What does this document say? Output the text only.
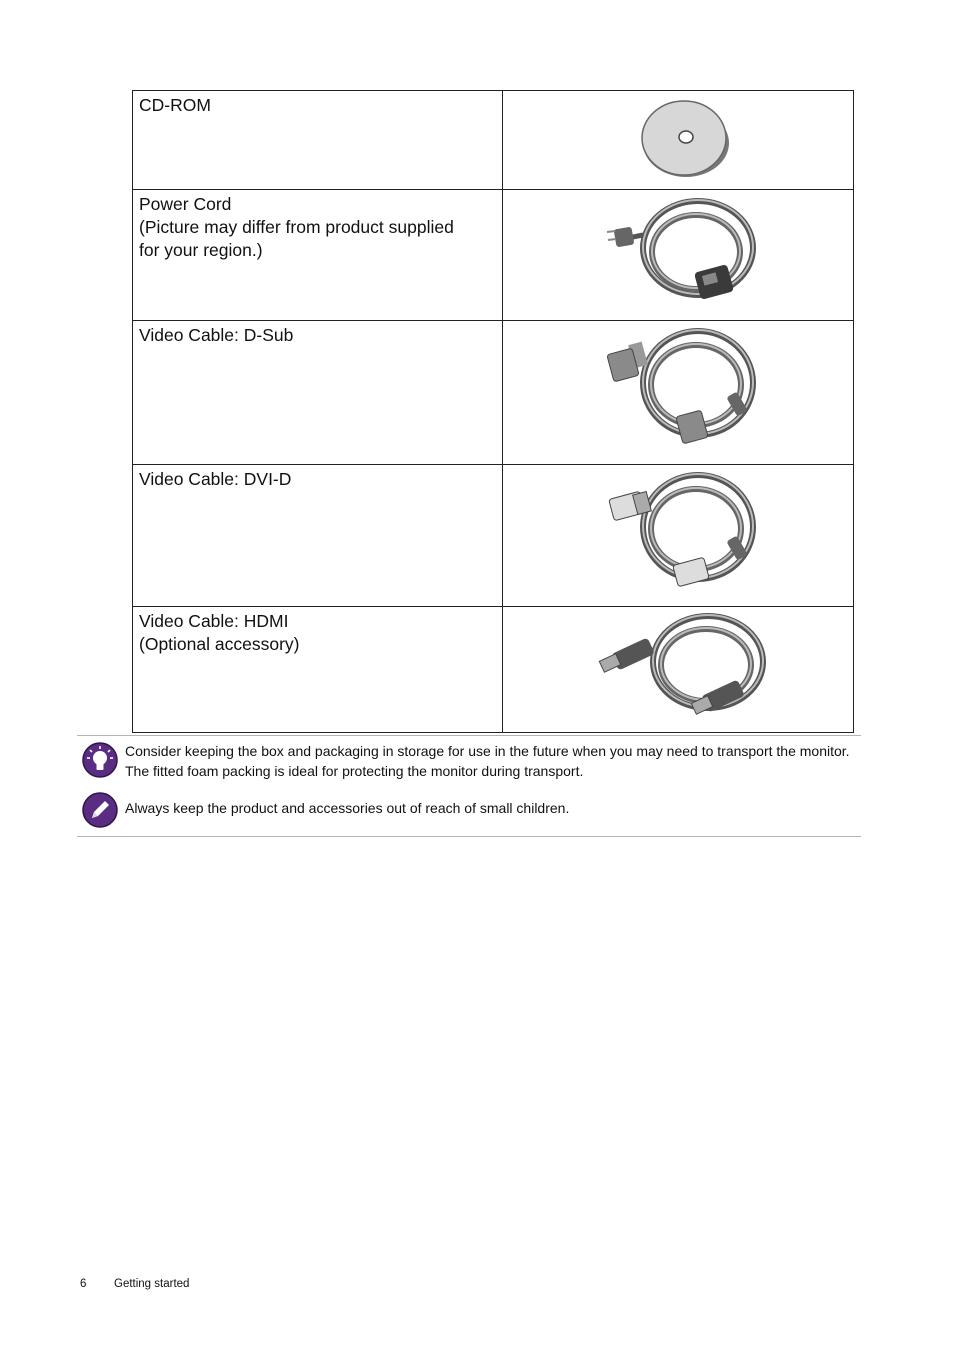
CD-ROM

Power Cord
(Picture may differ from product supplied
for your region.)

Video Cable: D-Sub

Video Cable: DVI-D

Video Cable: HDMI
(Optional accessory)

Consider keeping the box and packaging in storage for use in the future when you may need to transport the monitor. The fitted foam packing is ideal for protecting the monitor during transport.
Always keep the product and accessories out of reach of small children.
6 Getting started
